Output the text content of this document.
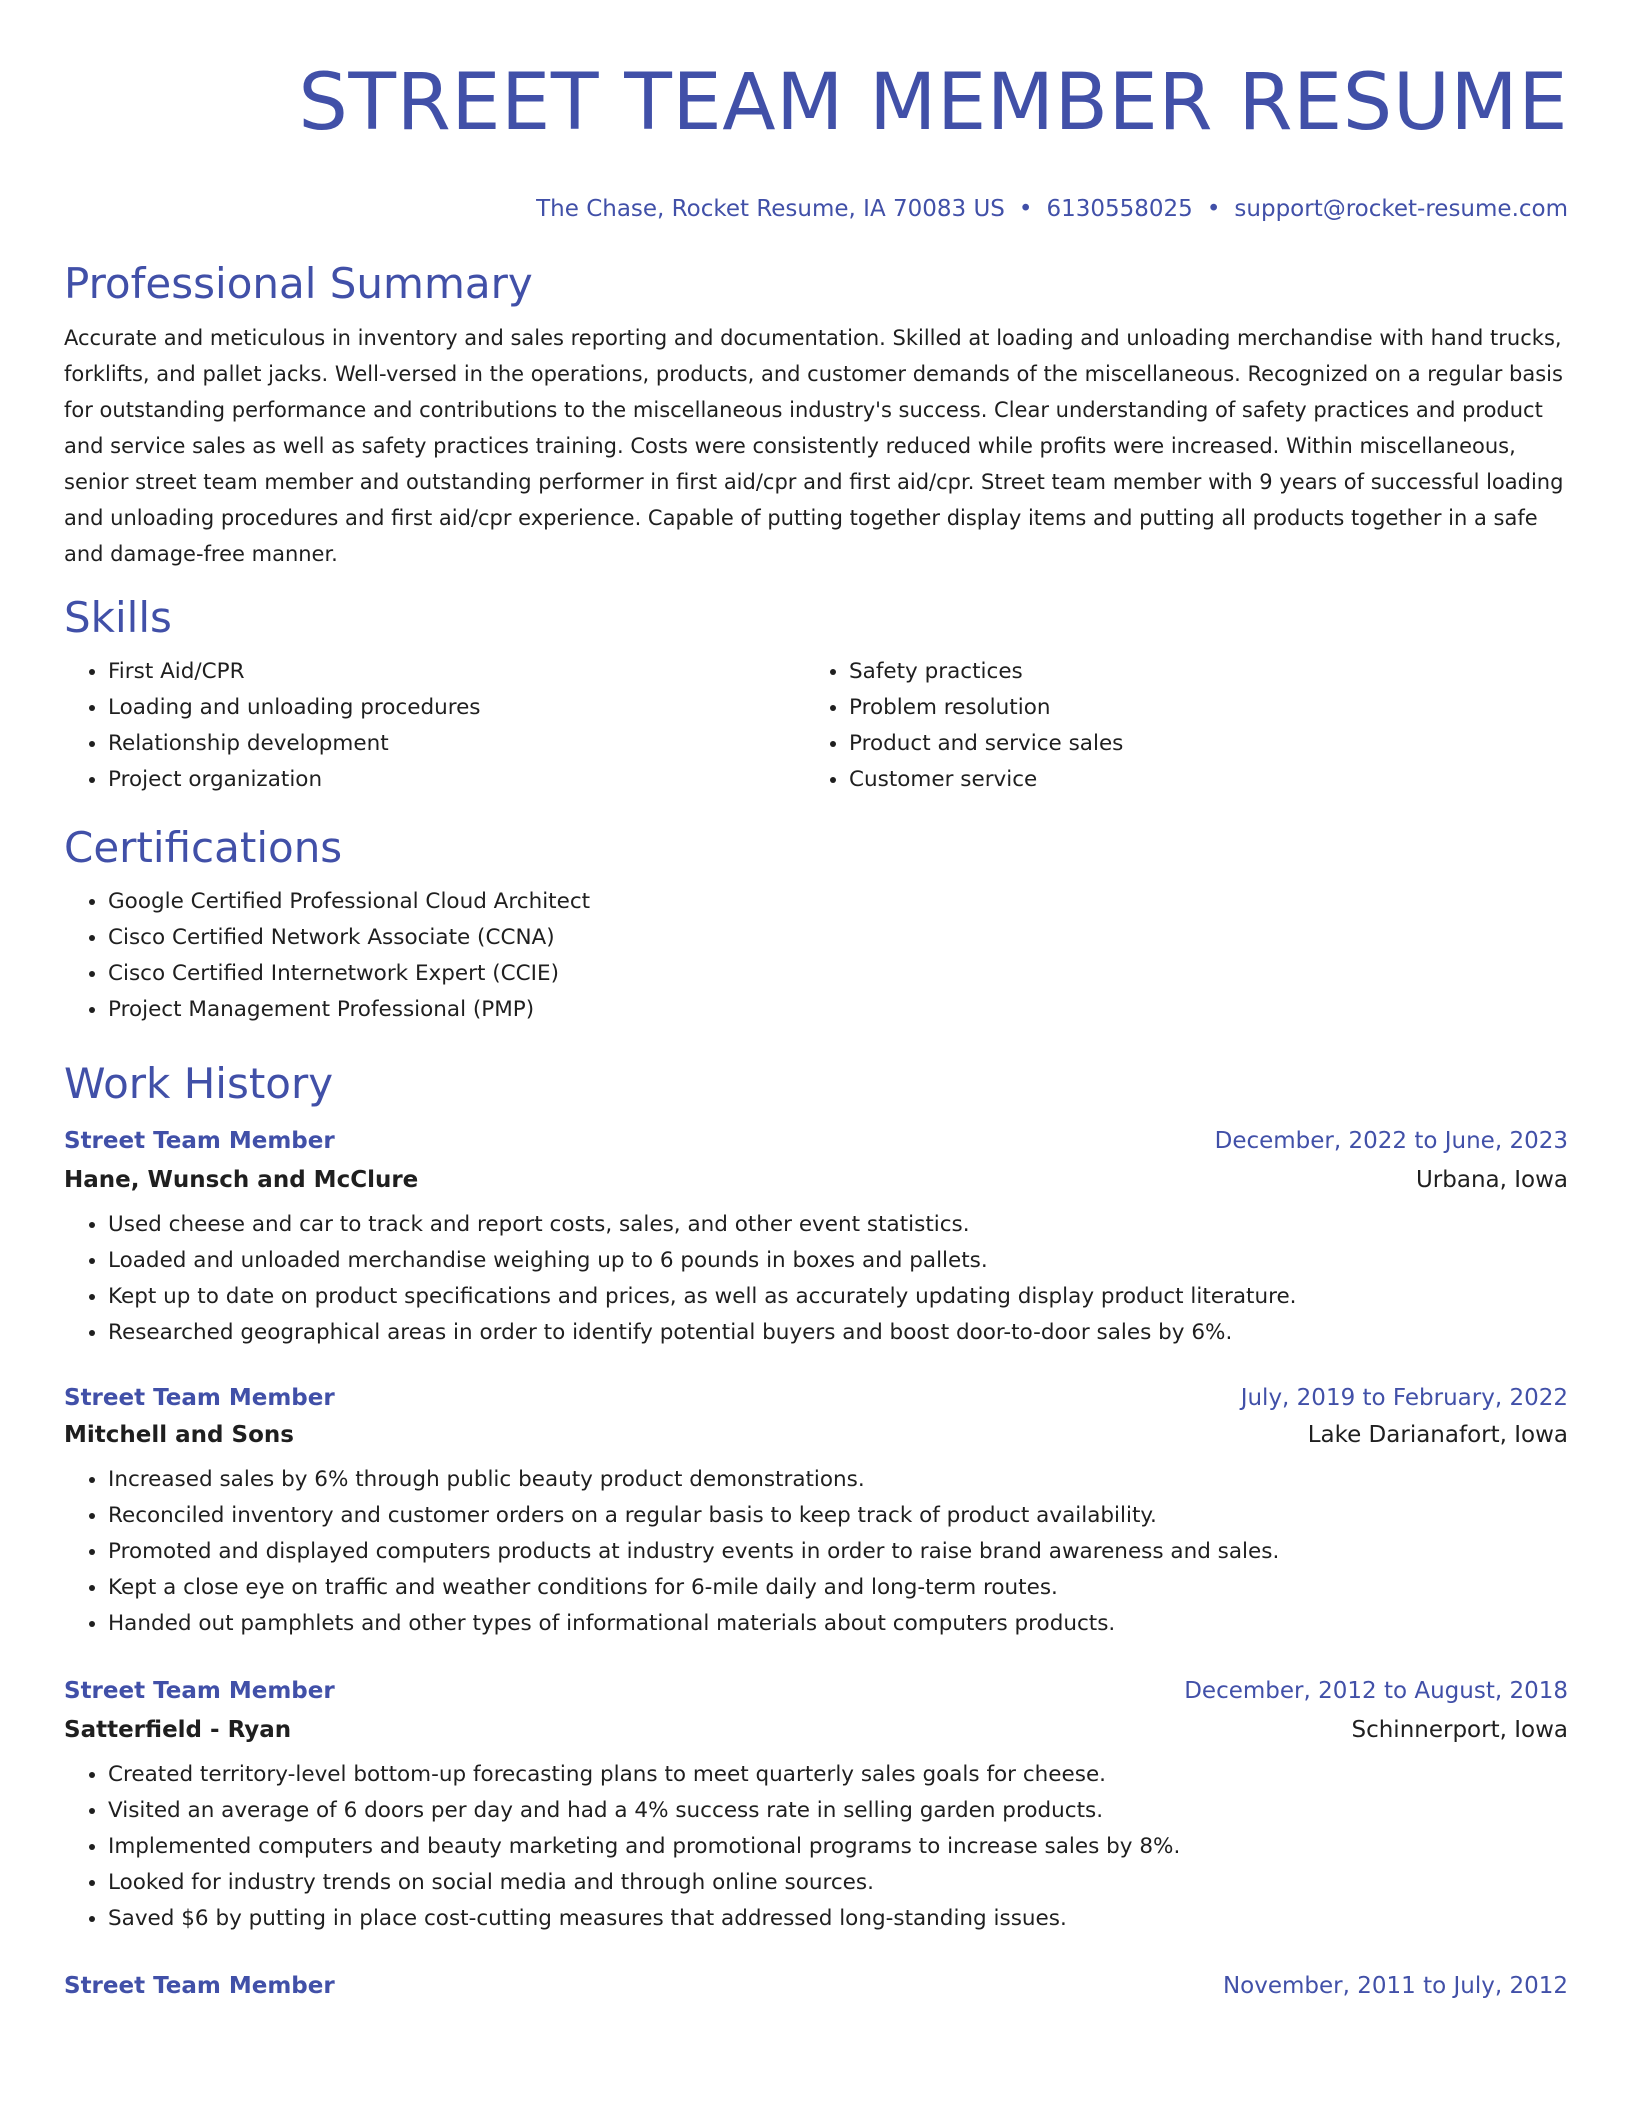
STREET TEAM MEMBER RESUME
The Chase, Rocket Resume, IA 70083 US • 6130558025 • support@rocket-resume.com
Professional Summary

Accurate and meticulous in inventory and sales reporting and documentation. Skilled at loading and unloading merchandise with hand trucks, forklifts, and pallet jacks. Well-versed in the operations, products, and customer demands of the miscellaneous. Recognized on a regular basis for outstanding performance and contributions to the miscellaneous industry's success. Clear understanding of safety practices and product and service sales as well as safety practices training. Costs were consistently reduced while profits were increased. Within miscellaneous, senior street team member and outstanding performer in first aid/cpr and first aid/cpr. Street team member with 9 years of successful loading and unloading procedures and first aid/cpr experience. Capable of putting together display items and putting all products together in a safe and damage-free manner.

Skills
• First Aid/CPR
• Loading and unloading procedures
• Relationship development
• Project organization
• Safety practices
• Problem resolution
• Product and service sales
• Customer service
Certifications
• Google Certified Professional Cloud Architect
• Cisco Certified Network Associate (CCNA)
• Cisco Certified Internetwork Expert (CCIE)
• Project Management Professional (PMP)
Work History
Street Team Member	December, 2022 to June, 2023
Hane, Wunsch and McClure	Urbana, Iowa
• Used cheese and car to track and report costs, sales, and other event statistics.
• Loaded and unloaded merchandise weighing up to 6 pounds in boxes and pallets.
• Kept up to date on product specifications and prices, as well as accurately updating display product literature.
• Researched geographical areas in order to identify potential buyers and boost door-to-door sales by 6%.
Street Team Member	July, 2019 to February, 2022
Mitchell and Sons	Lake Darianafort, Iowa
• Increased sales by 6% through public beauty product demonstrations.
• Reconciled inventory and customer orders on a regular basis to keep track of product availability.
• Promoted and displayed computers products at industry events in order to raise brand awareness and sales.
• Kept a close eye on traffic and weather conditions for 6-mile daily and long-term routes.
• Handed out pamphlets and other types of informational materials about computers products.
Street Team Member	December, 2012 to August, 2018
Satterfield - Ryan	Schinnerport, Iowa
• Created territory-level bottom-up forecasting plans to meet quarterly sales goals for cheese.
• Visited an average of 6 doors per day and had a 4% success rate in selling garden products.
• Implemented computers and beauty marketing and promotional programs to increase sales by 8%.
• Looked for industry trends on social media and through online sources.
• Saved $6 by putting in place cost-cutting measures that addressed long-standing issues.
Street Team Member	November, 2011 to July, 2012
